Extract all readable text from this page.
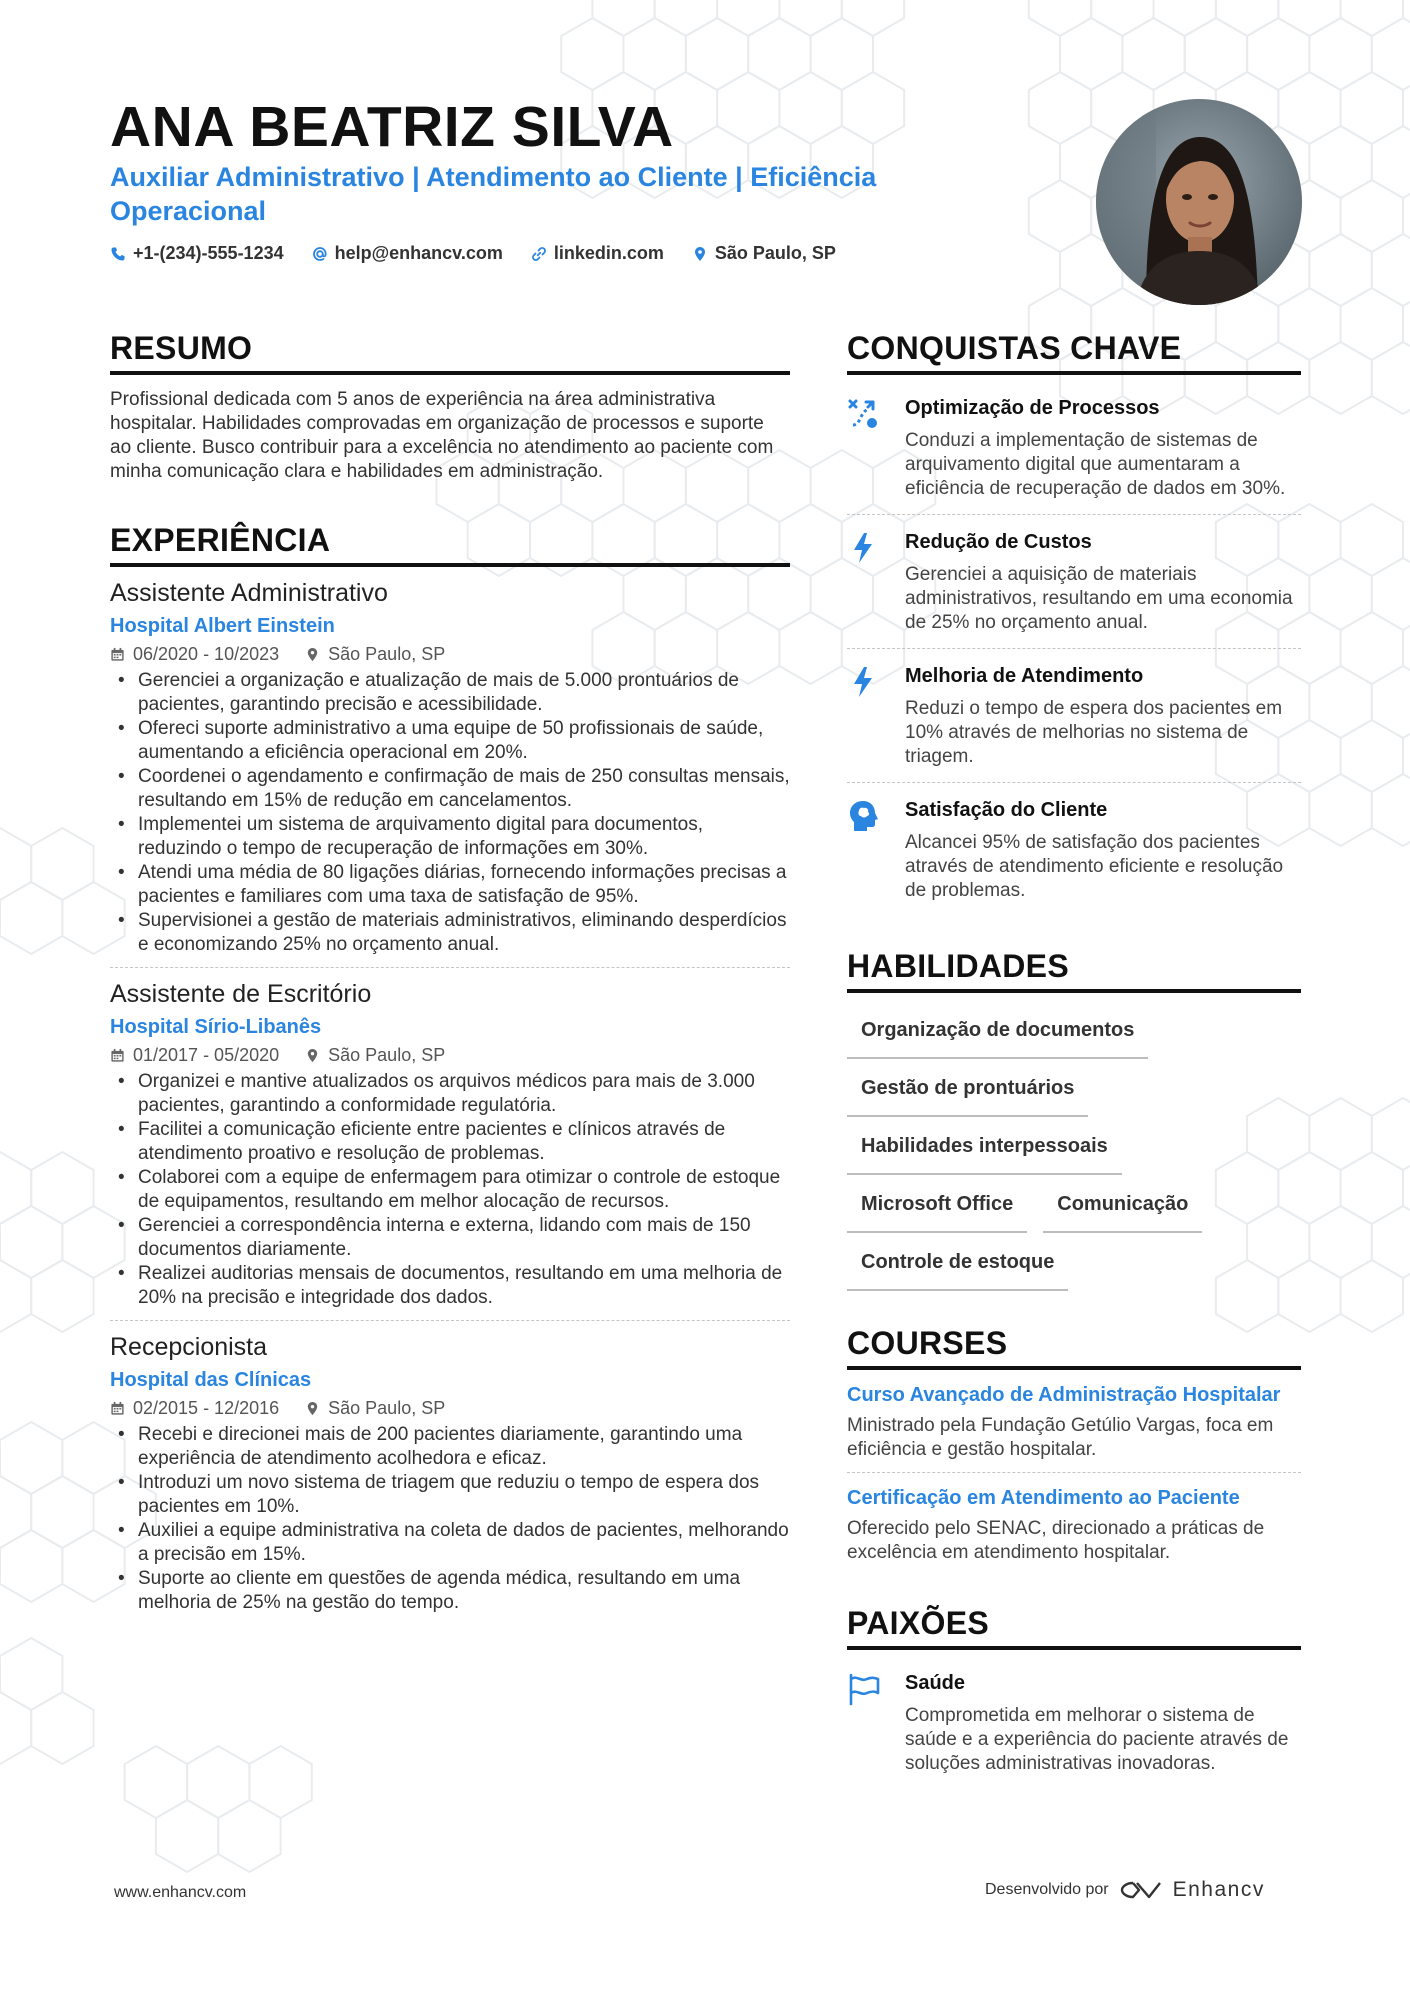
ANA BEATRIZ SILVA
Auxiliar Administrativo | Atendimento ao Cliente | Eficiência Operacional
+1-(234)-555-1234	help@enhancv.com	linkedin.com	São Paulo, SP
RESUMO

Profissional dedicada com 5 anos de experiência na área administrativa hospitalar. Habilidades comprovadas em organização de processos e suporte ao cliente. Busco contribuir para a excelência no atendimento ao paciente com minha comunicação clara e habilidades em administração.

EXPERIÊNCIA
Assistente Administrativo
Hospital Albert Einstein
06/2020 - 10/2023	São Paulo, SP
• Gerenciei a organização e atualização de mais de 5.000 prontuários de pacientes, garantindo precisão e acessibilidade.
• Ofereci suporte administrativo a uma equipe de 50 profissionais de saúde, aumentando a eficiência operacional em 20%.
• Coordenei o agendamento e confirmação de mais de 250 consultas mensais, resultando em 15% de redução em cancelamentos.
• Implementei um sistema de arquivamento digital para documentos, reduzindo o tempo de recuperação de informações em 30%.
• Atendi uma média de 80 ligações diárias, fornecendo informações precisas a pacientes e familiares com uma taxa de satisfação de 95%.
• Supervisionei a gestão de materiais administrativos, eliminando desperdícios e economizando 25% no orçamento anual.
Assistente de Escritório
Hospital Sírio-Libanês
01/2017 - 05/2020	São Paulo, SP
• Organizei e mantive atualizados os arquivos médicos para mais de 3.000 pacientes, garantindo a conformidade regulatória.
• Facilitei a comunicação eficiente entre pacientes e clínicos através de atendimento proativo e resolução de problemas.
• Colaborei com a equipe de enfermagem para otimizar o controle de estoque de equipamentos, resultando em melhor alocação de recursos.
• Gerenciei a correspondência interna e externa, lidando com mais de 150 documentos diariamente.
• Realizei auditorias mensais de documentos, resultando em uma melhoria de 20% na precisão e integridade dos dados.
Recepcionista
Hospital das Clínicas
02/2015 - 12/2016	São Paulo, SP
• Recebi e direcionei mais de 200 pacientes diariamente, garantindo uma experiência de atendimento acolhedora e eficaz.
• Introduzi um novo sistema de triagem que reduziu o tempo de espera dos pacientes em 10%.
• Auxiliei a equipe administrativa na coleta de dados de pacientes, melhorando a precisão em 15%.
• Suporte ao cliente em questões de agenda médica, resultando em uma melhoria de 25% na gestão do tempo.
CONQUISTAS CHAVE
Optimização de Processos
Conduzi a implementação de sistemas de arquivamento digital que aumentaram a eficiência de recuperação de dados em 30%.
Redução de Custos
Gerenciei a aquisição de materiais administrativos, resultando em uma economia de 25% no orçamento anual.
Melhoria de Atendimento
Reduzi o tempo de espera dos pacientes em 10% através de melhorias no sistema de triagem.
Satisfação do Cliente
Alcancei 95% de satisfação dos pacientes através de atendimento eficiente e resolução de problemas.
HABILIDADES
Organização de documentos
Gestão de prontuários
Habilidades interpessoais
Microsoft Office	Comunicação
Controle de estoque
COURSES
Curso Avançado de Administração Hospitalar
Ministrado pela Fundação Getúlio Vargas, foca em eficiência e gestão hospitalar.
Certificação em Atendimento ao Paciente
Oferecido pelo SENAC, direcionado a práticas de excelência em atendimento hospitalar.
PAIXÕES
Saúde
Comprometida em melhorar o sistema de saúde e a experiência do paciente através de soluções administrativas inovadoras.
www.enhancv.com	Desenvolvido por	Enhancv
